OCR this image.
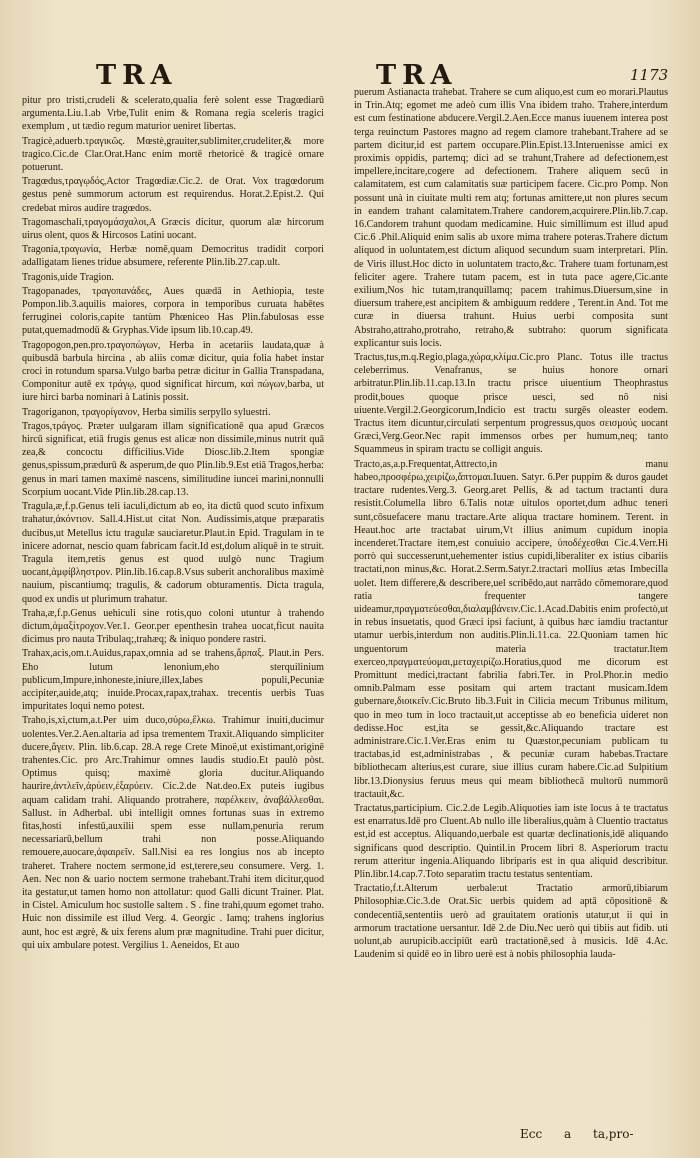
TRA	TRA	1173

pitur pro tristi,crudeli & scelerato,qualia ferè solent esse Tragœdiarū argumenta.Liu.1.ab Vrbe,Tulit enim & Romana regia sceleris tragici exemplum , ut tædio regum maturior ueniret libertas.

Tragicè,aduerb.τραγικῶς. Mœstè,grauiter,sublimiter,crudeliter,& more tragico.Cic.de Clar.Orat.Hanc enim mortē rhetoricè & tragicè ornare potuerunt.

Tragœdus,τραγῳδός,Actor Tragœdiæ.Cic.2. de Orat. Vox tragœdorum gestus penè summorum actorum est requirendus. Horat.2.Epist.2. Qui credebat miros audire tragœdos.

Tragomaschali,τραγομάσχαλοι,A Græcis dicitur, quorum alæ hircorum uirus olent, quos & Hircosos Latini uocant.

Tragonia,τραγωνία, Herbæ nomē,quam Democritus tradidit corpori adalligatam lienes tridue absumere, referente Plin.lib.27.cap.ult.

Tragonis,uide Tragion.

Tragopanades, τραγοπανάδες, Aues quædā in Aethiopia, teste Pompon.lib.3.aquilis maiores, corpora in temporibus curuata habētes ferruginei coloris,capite tantùm Phœniceo Has Plin.fabulosas esse putat,quemadmodū & Gryphas.Vide ipsum lib.10.cap.49.

Tragopogon,pen.pro.τραγοπώγων, Herba in acetariis laudata,quæ à quibusdā barbula hircina , ab aliis comæ dicitur, quia folia habet instar croci in rotundum sparsa.Vulgo barba petræ dicitur in Gallia Transpadana, Componitur autē ex τράγῳ, quod significat hircum, καὶ πώγων,barba, ut iure hirci barba nominari à Latinis possit.

Tragoriganon, τραγορίγανον, Herba similis serpyllo syluestri.

Tragos,τράγος. Præter uulgaram illam significationē qua apud Græcos hircū significat, etiā frugis genus est alicæ non dissimile,minus nutrit quā zea,& concoctu difficilius.Vide Diosc.lib.2.Item spongiæ genus,spissum,prædurū & asperum,de quo Plin.lib.9.Est etiā Tragos,herba: genus in mari tamen maximè nascens, similitudine iuncei marini,nonnulli Scorpium uocant.Vide Plin.lib.28.cap.13.

Tragula,æ,f.p.Genus teli iaculi,dictum ab eo, ita dictū quod scuto infixum trahatur,ἀκόντιον. Sall.4.Hist.ut citat Non. Audissimis,atque præparatis ducibus,ut Metellus ictu tragulæ sauciaretur.Plaut.in Epid. Tragulam in te inicere adornat, nescio quam fabricam facit.Id est,dolum aliquē in te struit. Tragula item,retis genus est quod uulgò nunc Tragium uocant,ἀμφίβληστρον. Plin.lib.16.cap.8.Vsus suberit anchoralibus maximè nauium, piscantiumq; tragulis, & cadorum obturamentis. Dicta tragula, quod ex undis ut plurimum trahatur.

Traha,æ,f.p.Genus uehiculi sine rotis,quo coloni utuntur à trahendo dictum,ἁμαξίτροχον.Ver.1. Geor.per epenthesin trahea uocat,ficut nauita dicimus pro nauta Tribulaq;,trahæq; & iniquo pondere rastri.

Trahax,acis,om.t.Auidus,rapax,omnia ad se trahens,ἅρπαξ. Plaut.in Pers. Eho lutum lenonium,eho sterquilinium publicum,Impure,inhoneste,iniure,illex,labes populi,Pecuniæ accipiter,auide,atq; inuide.Procax,rapax,trahax. trecentis uerbis Tuas impuritates loqui nemo potest.

Traho,is,xi,ctum,a.t.Per uim duco,σύρω,ἕλκω. Trahimur inuiti,ducimur uolentes.Ver.2.Aen.altaria ad ipsa trementem Traxit.Aliquando simpliciter ducere,ἄγειν. Plin. lib.6.cap. 28.A rege Crete Minoë,ut existimant,originē trahentes.Cic. pro Arc.Trahimur omnes laudis studio.Et paulò pòst. Optimus quisq; maximè gloria ducitur.Aliquando haurire,ἀντλεῖν,ἀρύειν,ἐξαρύειν. Cic.2.de Nat.deo.Ex puteis iugibus aquam calidam trahi. Aliquando protrahere, παρέλκειν, ἀναβάλλεσθαι. Sallust. in Adherbal. ubi intelligit omnes fortunas suas in extremo fitas,hosti infestū,auxilii spem esse nullam,penuria rerum necessariarū,bellum trahi non posse.Aliquando remouere,auocare,ἀφαιρεῖν. Sall.Nisi ea res longius nos ab incepto traheret. Trahere noctem sermone,id est,terere,seu consumere. Verg. 1. Aen. Nec non & uario noctem sermone trahebant.Trahi item dicitur,quod ita gestatur,ut tamen homo non attollatur: quod Galli dicunt Trainer. Plat. in Cistel. Amiculum hoc sustolle saltem . S . fine trahi,quum egomet traho. Huic non dissimile est illud Verg. 4. Georgic . Iamq; trahens inglorius aunt, hoc est ægrè, & uix ferens alum præ magnitudine. Trahi puer dicitur, qui uix ambulare potest. Vergilius 1. Aeneidos, Et auo

puerum Astianacta trahebat. Trahere se cum aliquo,est cum eo morari.Plautus in Trin.Atq; egomet me adeò cum illis Vna ibidem traho. Trahere,interdum est cum festinatione abducere.Vergil.2.Aen.Ecce manus iuuenem interea post terga reuinctum Pastores magno ad regem clamore trahebant.Trahere ad se partem dicitur,id est partem occupare.Plin.Epist.13.Interuenisse amici ex proximis oppidis, partemq; dici ad se trahunt,Trahere ad defectionem,est impellere,incitare,cogere ad defectionem. Trahere aliquem secū in calamitatem, est cum calamitatis suæ participem facere. Cic.pro Pomp. Non possunt unà in ciuitate multi rem atq; fortunas amittere,ut non plures secum in eandem trahant calamitatem.Trahere candorem,acquirere.Plin.lib.7.cap. 16.Candorem trahunt quodam medicamine. Huic simillimum est illud apud Cic.6 .Phil.Aliquid enim salis ab uxore mima trahere poteras.Trahere dictum aliquod in uoluntatem,est dictum aliquod secundum suam interpretari. Plin. de Viris illust.Hoc dicto in uoluntatem tracto,&c. Trahere tuam fortunam,est feliciter agere. Trahere tutam pacem, est in tuta pace agere,Cic.ante exilium,Nos hic tutam,tranquillamq; pacem trahimus.Diuersum,sine in diuersum trahere,est ancipitem & ambiguum reddere , Terent.in And. Tot me curæ in diuersa trahunt. Huius uerbi composita sunt Abstraho,attraho,protraho, retraho,& subtraho: quorum significata explicantur suis locis.

Tractus,tus,m.q.Regio,plaga,χώρα,κλίμα.Cic.pro Planc. Totus ille tractus celeberrimus. Venafranus, se huius honore ornari arbitratur.Plin.lib.11.cap.13.In tractu prisce uiuentium Theophrastus prodit,boues quoque prisce uesci, sed nõ nisi uiuente.Vergil.2.Georgicorum,Indicio est tractu surgēs oleaster eodem. Tractus item dicuntur,circulati serpentum progressus,quos σεισμούς uocant Græci,Verg.Geor.Nec rapit immensos orbes per humum,neq; tanto Squammeus in spiram tractu se colligit anguis.

Tracto,as,a.p.Frequentat,Attrecto,in manu habeo,προσφέρω,χειρίζω,ἅπτομαι.Iuuen. Satyr. 6.Per puppim & duros gaudet tractare rudentes.Verg.3. Georg.aret Pellis, & ad tactum tractanti dura resistit.Columella libro 6.Talis notæ uitulos oportet,dum adhuc teneri sunt,cōsuefacere manu tractare.Arte aliqua tractare hominem. Terent. in Heaut.hoc arte tractabat uirum,Vt illius animum cupidum inopia incenderet.Tractare item,est conuiuio accipere, ὑποδέχεσθαι Cic.4.Verr.Hi porrò qui successerunt,uehementer istius cupidi,liberaliter ex istius cibariis tractati,non minus,&c. Horat.2.Serm.Satyr.2.tractari mollius ætas Imbecilla uolet. Item differere,& describere,uel scribēdo,aut narrādo cōmemorare,quod ratia frequenter tangere uideamur,πραγματεύεσθαι,διαλαμβάνειν.Cic.1.Acad.Dabitis enim profectò,ut in rebus insuetatis, quod Græci ipsi faciunt, à quibus hæc iamdiu tractantur utamur uerbis,interdum non auditis.Plin.li.11.ca. 22.Quoniam tamen hic unguentorum materia tractatur.Item exerceo,πραγματεύομαι,μεταχειρίζω.Horatius,quod me dicorum est Promittunt medici,tractant fabrilia fabri.Ter. in Prol.Phor.in medio omnib.Palmam esse positam qui artem tractant musicam.Idem gubernare,διοικεῖν.Cic.Bruto lib.3.Fuit in Cilicia mecum Tribunus militum, quo in meo tum in loco tractauit,ut acceptisse ab eo beneficia uideret non dedisse.Hoc est,ita se gessit,&c.Aliquando tractare est administrare.Cic.1.Ver.Eras enim tu Quæstor,pecuniam publicam tu tractabas,id est,administrabas , & pecuniæ curam habebas.Tractare bibliothecam alterius,est curare, siue illius curam habere.Cic.ad Sulpitium libr.13.Dionysius feruus meus qui meam bibliothecā multorū nummorū tractauit,&c.

Tractatus,participium. Cic.2.de Legib.Aliquoties iam iste locus à te tractatus est enarratus.Idē pro Cluent.Ab nullo ille liberalius,quàm à Cluentio tractatus est,id est acceptus. Aliquando,uerbale est quartæ declinationis,idē aliquando significans quod descriptio. Quintil.in Procem libri 8. Asperiorum tractu rerum atteritur ingenia.Aliquando libriparis est in qua aliquid describitur. Plin.libr.14.cap.7.Toto separatim tractu testatus sententiam.

Tractatio,f.t.Alterum uerbale:ut Tractatio armorū,tibiarum Philosophiæ.Cic.3.de Orat.Sic uerbis quidem ad aptā cōpositionē & condecentiā,sententiis uerò ad grauitatem orationis utatur,ut ii qui in armorum tractatione uersantur. Idē 2.de Diu.Nec uerò qui tibiis aut fidib. uti uolunt,ab aurupicib.accipiūt earū tractationē,sed à musicis. Idē 4.Ac. Laudenim si quidē eo in libro uerè est à nobis philosophia lauda-

Ecc a ta,pro-
